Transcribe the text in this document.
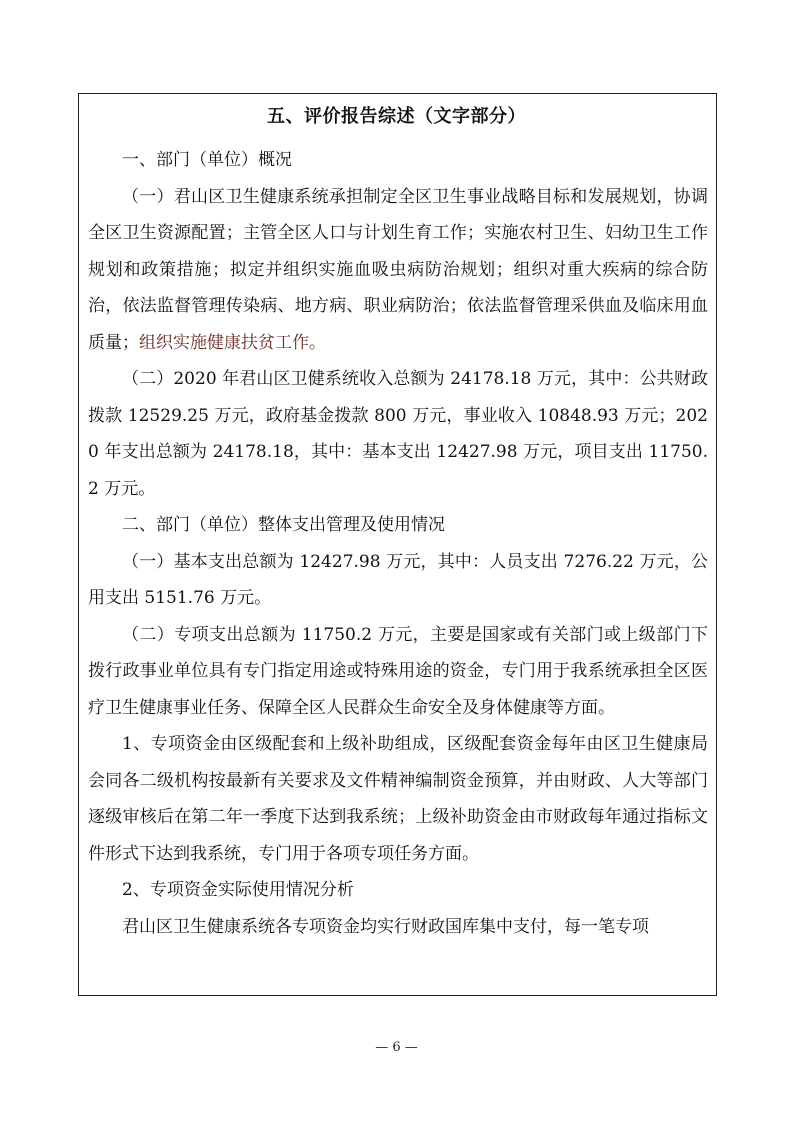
五、评价报告综述（文字部分）

一、部门（单位）概况

（一）君山区卫生健康系统承担制定全区卫生事业战略目标和发展规划，协调全区卫生资源配置；主管全区人口与计划生育工作；实施农村卫生、妇幼卫生工作规划和政策措施；拟定并组织实施血吸虫病防治规划；组织对重大疾病的综合防治，依法监督管理传染病、地方病、职业病防治；依法监督管理采供血及临床用血质量；组织实施健康扶贫工作。

（二）2020 年君山区卫健系统收入总额为 24178.18 万元，其中：公共财政拨款 12529.25 万元，政府基金拨款 800 万元，事业收入 10848.93 万元；2020 年支出总额为 24178.18，其中：基本支出 12427.98 万元，项目支出 11750.2 万元。

二、部门（单位）整体支出管理及使用情况

（一）基本支出总额为 12427.98 万元，其中：人员支出 7276.22 万元，公用支出 5151.76 万元。

（二）专项支出总额为 11750.2 万元，主要是国家或有关部门或上级部门下拨行政事业单位具有专门指定用途或特殊用途的资金，专门用于我系统承担全区医疗卫生健康事业任务、保障全区人民群众生命安全及身体健康等方面。

1、专项资金由区级配套和上级补助组成，区级配套资金每年由区卫生健康局会同各二级机构按最新有关要求及文件精神编制资金预算，并由财政、人大等部门逐级审核后在第二年一季度下达到我系统；上级补助资金由市财政每年通过指标文件形式下达到我系统，专门用于各项专项任务方面。

2、专项资金实际使用情况分析

君山区卫生健康系统各专项资金均实行财政国库集中支付，每一笔专项

— 6 —
